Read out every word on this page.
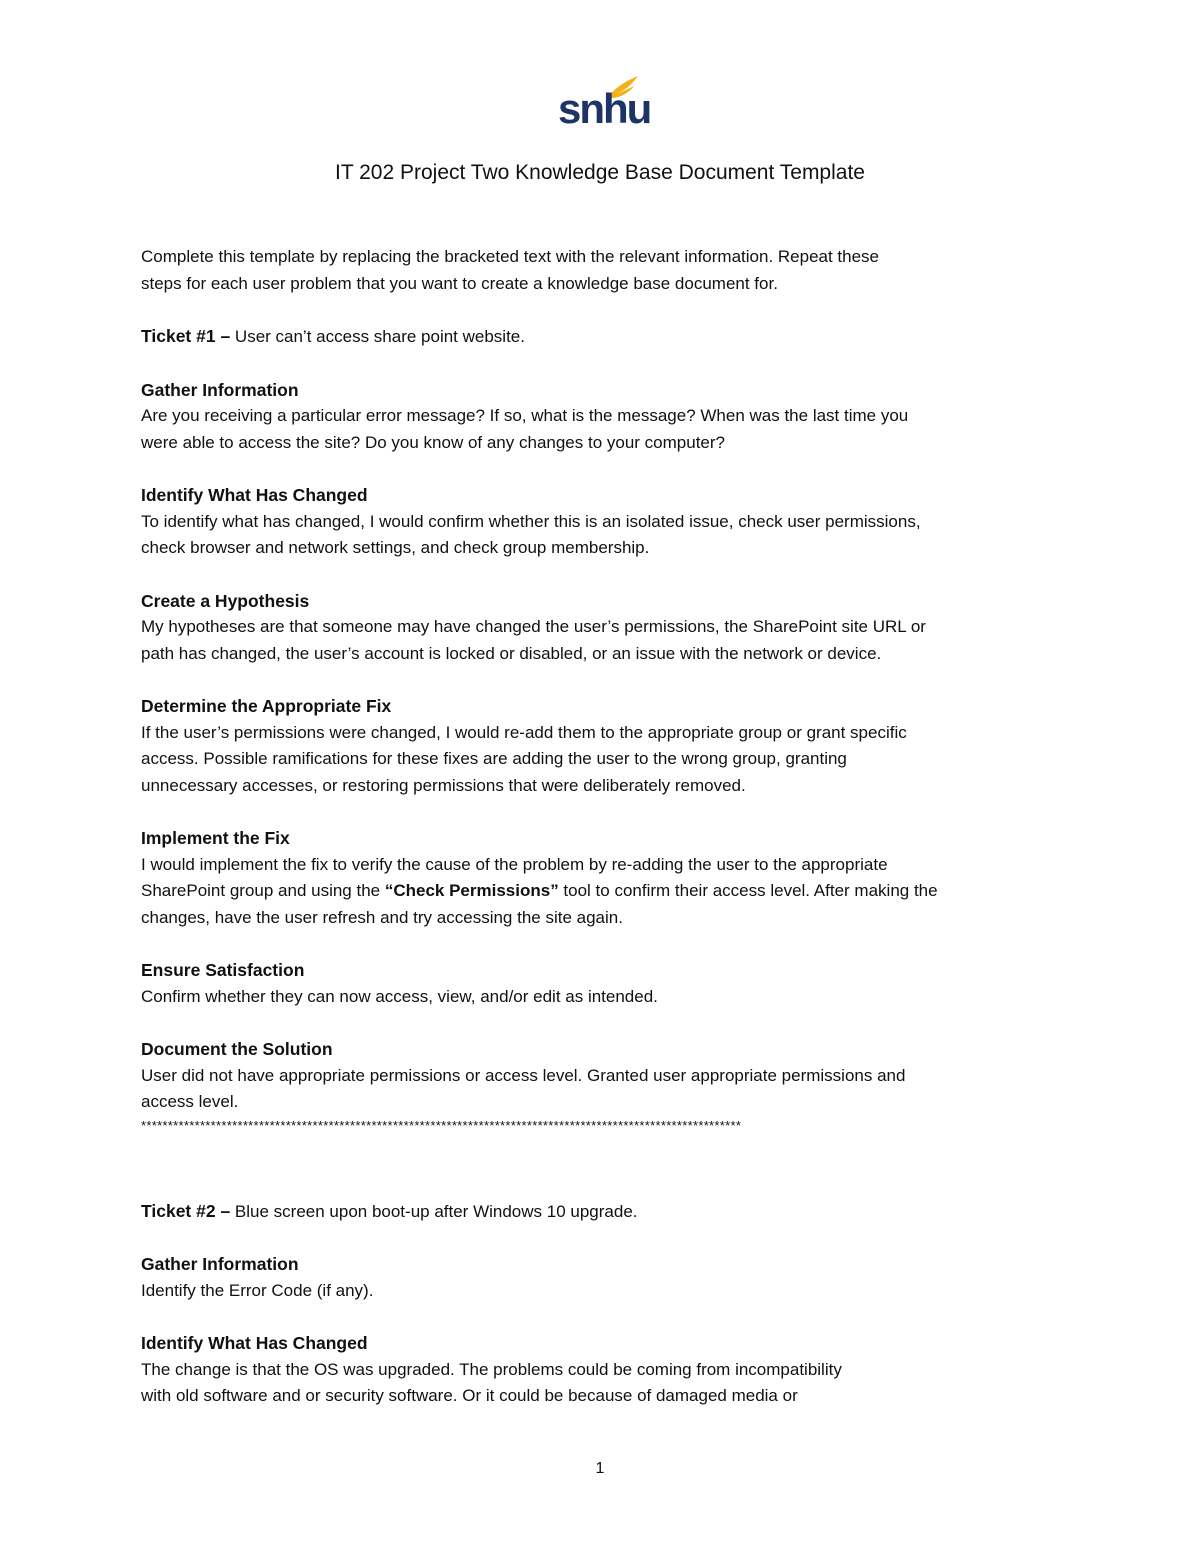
snhu
IT 202 Project Two Knowledge Base Document Template

Complete this template by replacing the bracketed text with the relevant information. Repeat these

steps for each user problem that you want to create a knowledge base document for.

Ticket #1 – User can’t access share point website.

Gather Information

Are you receiving a particular error message? If so, what is the message? When was the last time you

were able to access the site? Do you know of any changes to your computer?

Identify What Has Changed

To identify what has changed, I would confirm whether this is an isolated issue, check user permissions,

check browser and network settings, and check group membership.

Create a Hypothesis

My hypotheses are that someone may have changed the user’s permissions, the SharePoint site URL or

path has changed, the user’s account is locked or disabled, or an issue with the network or device.

Determine the Appropriate Fix

If the user’s permissions were changed, I would re-add them to the appropriate group or grant specific

access. Possible ramifications for these fixes are adding the user to the wrong group, granting

unnecessary accesses, or restoring permissions that were deliberately removed.

Implement the Fix

I would implement the fix to verify the cause of the problem by re-adding the user to the appropriate

SharePoint group and using the “Check Permissions” tool to confirm their access level. After making the

changes, have the user refresh and try accessing the site again.

Ensure Satisfaction

Confirm whether they can now access, view, and/or edit as intended.

Document the Solution

User did not have appropriate permissions or access level. Granted user appropriate permissions and

access level.

****************************************************************************************************************

Ticket #2 – Blue screen upon boot-up after Windows 10 upgrade.

Gather Information

Identify the Error Code (if any).

Identify What Has Changed

The change is that the OS was upgraded. The problems could be coming from incompatibility

with old software and or security software. Or it could be because of damaged media or

1
